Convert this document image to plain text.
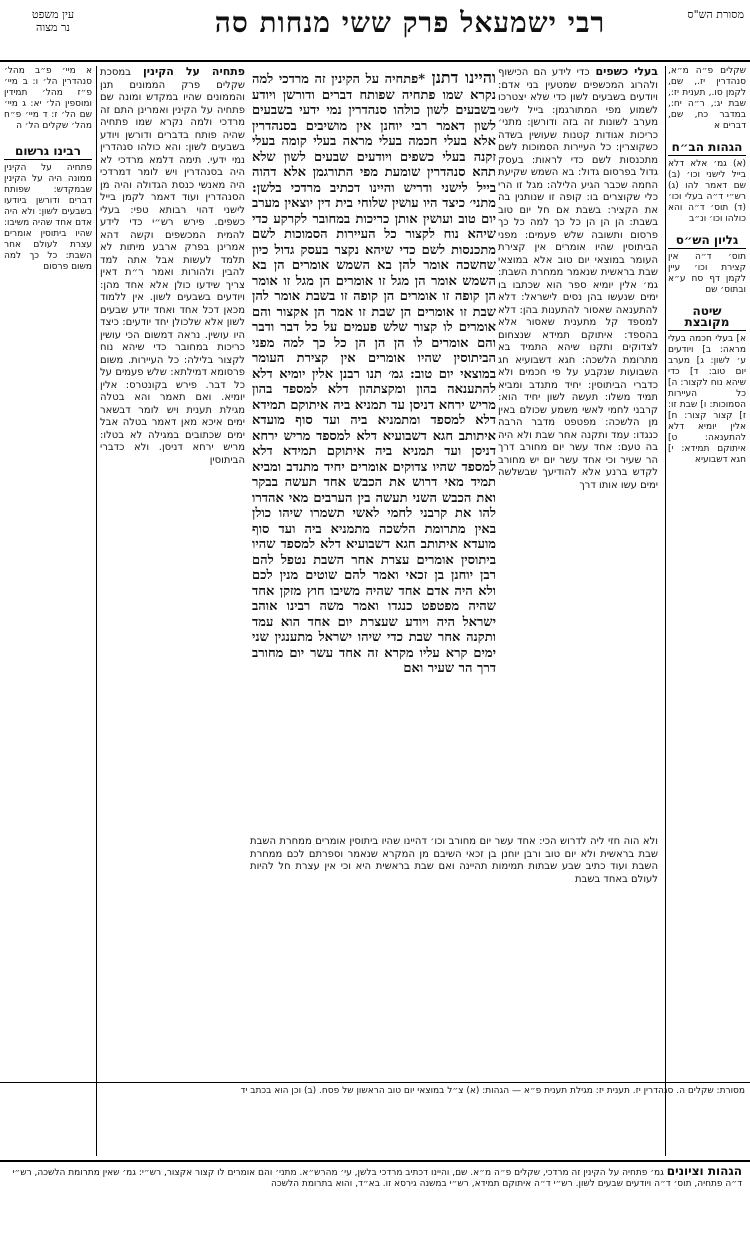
מסורת הש"ס
רבי ישמעאל פרק ששי מנחות סה
עין משפט
נר מצוה
שקלים פ״ה מ״א, סנהדרין יז., שם, לקמן סו., תענית יז:, שבת יג:, ר״ה יח:, במדבר כח, שם, דברים א
הגהות הב״ח
(א) גמ׳ אלא דלא בייל לישני וכו׳ (ב) שם דאמר להו (ג) רש״י ד״ה בעלי וכו׳ (ד) תוס׳ ד״ה והא כולהו וכו׳ ונ״ב
גליון הש״ס
תוס׳ ד״ה אין קצירת וכו׳ עיין לקמן דף סח ע״א ובתוס׳ שם
שיטה מקובצת
א] בעלי חכמה בעלי מראה: ב] ויודעים ע׳ לשון: ג] מערב יום טוב: ד] כדי שיהא נוח לקצור: ה] כל העיירות הסמוכות: ו] שבת זו: ז] קצור קצור: ח] אלין יומיא דלא להתענאה: ט] איתוקם תמידא: י] חגא דשבועיא
בעלי כשפים כדי לידע הם הכישוף ולהרוג המכשפים שמטעין בני אדם: ויודעים בשבעים לשון כדי שלא יצטרכו לשמוע מפי המתורגמן: בייל לישני מערב לשונות זה בזה ודורשן: מתני׳ כריכות אגודות קטנות שעושין בשדה כשקוצרין: כל העיירות הסמוכות לשם מתכנסות לשם כדי לראות: בעסק גדול בפרסום גדול: בא השמש שקיעת החמה שכבר הגיע הלילה: מגל זו הרי כלי שקוצרים בו: קופה זו שנותנין בה את הקציר: בשבת אם חל יום טוב בשבת: הן הן הן כל כך למה כל כך פרסום ותשובה שלש פעמים: מפני הביתוסין שהיו אומרים אין קצירת העומר במוצאי יום טוב אלא במוצאי שבת בראשית שנאמר ממחרת השבת: גמ׳ אלין יומיא ספר הוא שכתבו בו ימים שנעשו בהן נסים לישראל: דלא להתענאה שאסור להתענות בהן: דלא למספד קל מתענית שאסור אלא בהספד: איתוקם תמידא שנצחום לצדוקים ותקנו שיהא התמיד בא מתרומת הלשכה: חגא דשבועיא חג השבועות שנקבע על פי חכמים ולא כדברי הביתוסין: יחיד מתנדב ומביא תמיד משלו: תעשה לשון יחיד הוא: קרבני לחמי לאשי משמע שכולם באין מן הלשכה: מפטפט מדבר הרבה כנגדו: עמד ותקנה אחר שבת ולא היה בה טעם: אחד עשר יום מחורב דרך הר שעיר וכי אחד עשר יום יש מחורב לקדש ברנע אלא להודיעך שבשלשה ימים עשו אותו דרך
והיינו דתנן *פתחיה על הקינין זה מרדכי למה נקרא שמו פתחיה שפותח דברים ודורשן ויודע בשבעים לשון כולהו סנהדרין נמי ידעי בשבעים לשון דאמר רבי יוחנן אין מושיבים בסנהדרין אלא בעלי חכמה בעלי מראה בעלי קומה בעלי זקנה בעלי כשפים ויודעים שבעים לשון שלא תהא סנהדרין שומעת מפי התורגמן אלא דהוה בייל לישני ודריש והיינו דכתיב מרדכי בלשן: מתני׳ כיצד היו עושין שלוחי בית דין יוצאין מערב יום טוב ועושין אותן כריכות במחובר לקרקע כדי שיהא נוח לקצור כל העיירות הסמוכות לשם מתכנסות לשם כדי שיהא נקצר בעסק גדול כיון שחשכה אומר להן בא השמש אומרים הן בא השמש אומר הן מגל זו אומרים הן מגל זו אומר הן קופה זו אומרים הן קופה זו בשבת אומר להן שבת זו אומרים הן שבת זו אמר הן אקצור והם אומרים לו קצור שלש פעמים על כל דבר ודבר והם אומרים לו הן הן הן כל כך למה מפני הביתוסין שהיו אומרים אין קצירת העומר במוצאי יום טוב: גמ׳ תנו רבנן אלין יומיא דלא להתענאה בהון ומקצתהון דלא למספד בהון מריש ירחא דניסן עד תמניא ביה איתוקם תמידא דלא למספד ומתמניא ביה ועד סוף מועדא איתותב חגא דשבועיא דלא למספד מריש ירחא דניסן ועד תמניא ביה איתוקם תמידא דלא למספד שהיו צדוקים אומרים יחיד מתנדב ומביא תמיד מאי דרוש את הכבש אחד תעשה בבקר ואת הכבש השני תעשה בין הערבים מאי אהדרו להו את קרבני לחמי לאשי תשמרו שיהו כולן באין מתרומת הלשכה מתמניא ביה ועד סוף מועדא איתותב חגא דשבועיא דלא למספד שהיו ביתוסין אומרים עצרת אחר השבת נטפל להם רבן יוחנן בן זכאי ואמר להם שוטים מנין לכם ולא היה אדם אחד שהיה משיבו חוץ מזקן אחד שהיה מפטפט כנגדו ואמר משה רבינו אוהב ישראל היה ויודע שעצרת יום אחד הוא עמד ותקנה אחר שבת כדי שיהו ישראל מתענגין שני ימים קרא עליו מקרא זה אחד עשר יום מחורב דרך הר שעיר ואם
פתחיה על הקינין במסכת שקלים פרק הממונים תנן והממונים שהיו במקדש ומונה שם פתחיה על הקינין ואמרינן התם זה מרדכי ולמה נקרא שמו פתחיה שהיה פותח בדברים ודורשן ויודע בשבעים לשון: והא כולהו סנהדרין נמי ידעי. תימה דלמא מרדכי לא היה בסנהדרין ויש לומר דמרדכי היה מאנשי כנסת הגדולה והיה מן הסנהדרין ועוד דאמר לקמן בייל לישני דהוי רבותא טפי: בעלי כשפים. פירש רש״י כדי לידע להמית המכשפים וקשה דהא אמרינן בפרק ארבע מיתות לא תלמד לעשות אבל אתה למד להבין ולהורות ואמר ר״ת דאין צריך שידעו כולן אלא אחד מהן: ויודעים בשבעים לשון. אין ללמוד מכאן דכל אחד ואחד יודע שבעים לשון אלא שלכולן יחד יודעים: כיצד היו עושין. נראה דמשום הכי עושין כריכות במחובר כדי שיהא נוח לקצור בלילה: כל העיירות. משום פרסומא דמילתא: שלש פעמים על כל דבר. פירש בקונטרס: אלין יומיא. ואם תאמר והא בטלה מגילת תענית ויש לומר דבשאר ימים איכא מאן דאמר בטלה אבל ימים שכתובים במגילה לא בטלו: מריש ירחא דניסן. ולא כדברי הביתוסין
א מיי׳ פ״ב מהל׳ סנהדרין הל׳ ו: ב מיי׳ פ״ז מהל׳ תמידין ומוספין הל׳ יא: ג מיי׳ שם הל׳ ז: ד מיי׳ פ״ח מהל׳ שקלים הל׳ ה
רבינו גרשום
פתחיה על הקינין ממונה היה על הקינין שבמקדש: שפותח דברים ודורשן ביודעו בשבעים לשון: ולא היה אדם אחד שהיה משיבו: שהיו ביתוסין אומרים עצרת לעולם אחר השבת: כל כך למה משום פרסום
ולא הוה חזי ליה לדרוש הכי: אחד עשר יום מחורב וכו׳ דהיינו שהיו ביתוסין אומרים ממחרת השבת שבת בראשית ולא יום טוב ורבן יוחנן בן זכאי השיבם מן המקרא שנאמר וספרתם לכם ממחרת השבת ועוד כתיב שבע שבתות תמימות תהיינה ואם שבת בראשית היא וכי אין עצרת חל להיות לעולם באחד בשבת
מסורת: שקלים ה. סנהדרין יז. תענית יז: מגילת תענית פ״א — הגהות: (א) צ״ל במוצאי יום טוב הראשון של פסח. (ב) וכן הוא בכתב יד
הגהות וציונים גמ׳ פתחיה על הקינין זה מרדכי, שקלים פ״ה מ״א. שם, והיינו דכתיב מרדכי בלשן, עי׳ מהרש״א. מתני׳ והם אומרים לו קצור אקצור, רש״י: גמ׳ שאין מתרומת הלשכה, רש״י ד״ה פתחיה, תוס׳ ד״ה ויודעים שבעים לשון. רש״י ד״ה איתוקם תמידא, רש״י במשנה גירסא זו. בא״ד, והוא בתרומת הלשכה
